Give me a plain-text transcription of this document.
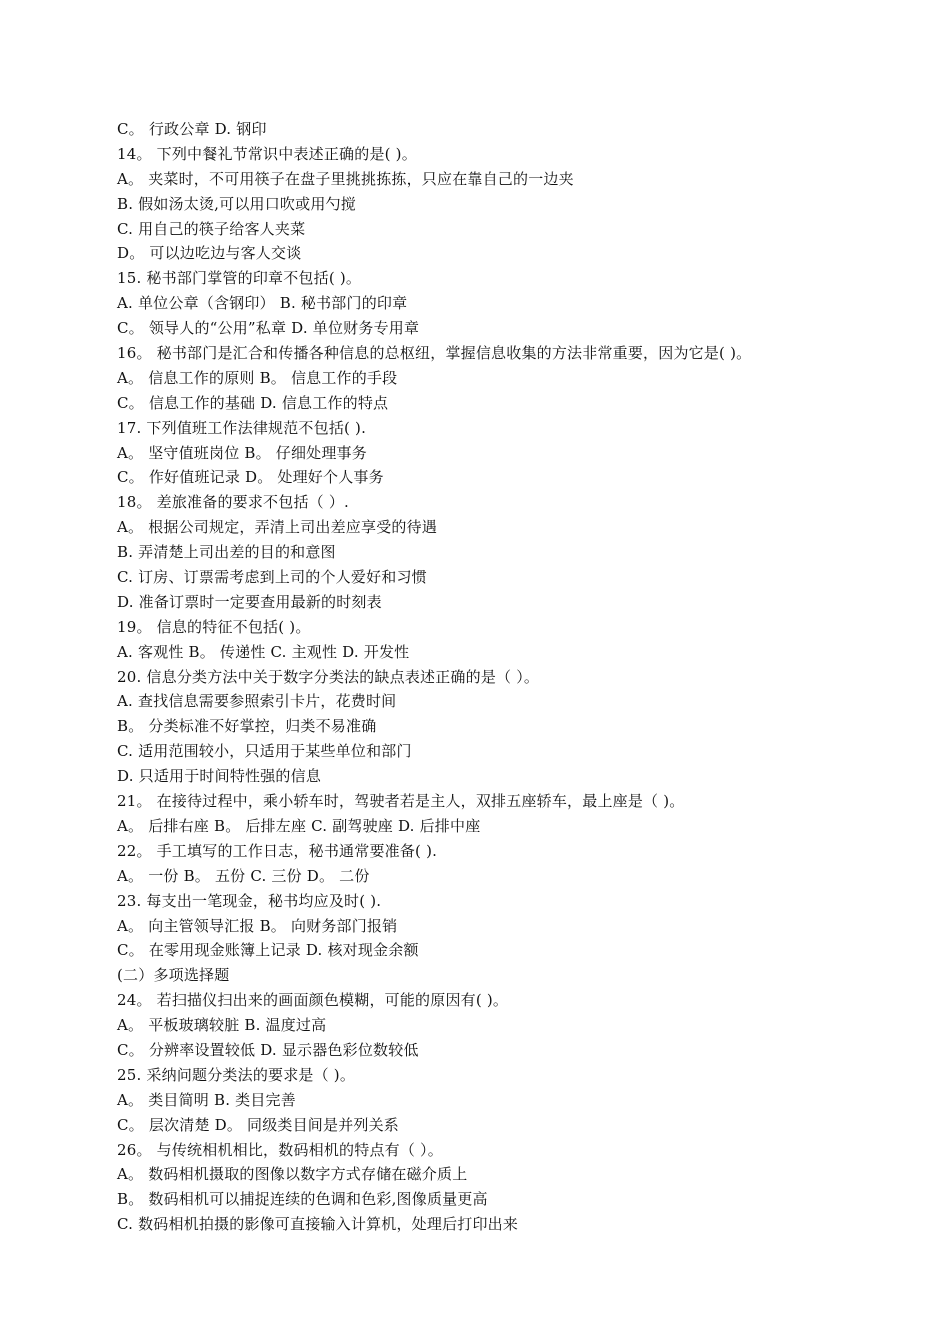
C。 行政公章 D. 钢印
14。 下列中餐礼节常识中表述正确的是( )。
A。 夹菜时，不可用筷子在盘子里挑挑拣拣，只应在靠自己的一边夹
B. 假如汤太烫,可以用口吹或用勺搅
C. 用自己的筷子给客人夹菜
D。 可以边吃边与客人交谈
15. 秘书部门掌管的印章不包括( )。
A. 单位公章（含钢印） B. 秘书部门的印章
C。 领导人的“公用”私章 D. 单位财务专用章
16。 秘书部门是汇合和传播各种信息的总枢纽，掌握信息收集的方法非常重要，因为它是( )。
A。 信息工作的原则 B。 信息工作的手段
C。 信息工作的基础 D. 信息工作的特点
17. 下列值班工作法律规范不包括( ).
A。 坚守值班岗位 B。 仔细处理事务
C。 作好值班记录 D。 处理好个人事务
18。 差旅准备的要求不包括（ ）.
A。 根据公司规定，弄清上司出差应享受的待遇
B. 弄清楚上司出差的目的和意图
C. 订房、订票需考虑到上司的个人爱好和习惯
D. 准备订票时一定要查用最新的时刻表
19。 信息的特征不包括( )。
A. 客观性 B。 传递性 C. 主观性 D. 开发性
20. 信息分类方法中关于数字分类法的缺点表述正确的是（ ）。
A. 查找信息需要参照索引卡片，花费时间
B。 分类标准不好掌控，归类不易准确
C. 适用范围较小，只适用于某些单位和部门
D. 只适用于时间特性强的信息
21。 在接待过程中，乘小轿车时，驾驶者若是主人，双排五座轿车，最上座是（ )。
A。 后排右座 B。 后排左座 C. 副驾驶座 D. 后排中座
22。 手工填写的工作日志，秘书通常要准备( ).
A。 一份 B。 五份 C. 三份 D。 二份
23. 每支出一笔现金，秘书均应及时( ).
A。 向主管领导汇报 B。 向财务部门报销
C。 在零用现金账簿上记录 D. 核对现金余额
(二）多项选择题
24。 若扫描仪扫出来的画面颜色模糊，可能的原因有( )。
A。 平板玻璃较脏 B. 温度过高
C。 分辨率设置较低 D. 显示器色彩位数较低
25. 采纳问题分类法的要求是（ )。
A。 类目简明 B. 类目完善
C。 层次清楚 D。 同级类目间是并列关系
26。 与传统相机相比，数码相机的特点有（ ）。
A。 数码相机摄取的图像以数字方式存储在磁介质上
B。 数码相机可以捕捉连续的色调和色彩,图像质量更高
C. 数码相机拍摄的影像可直接输入计算机，处理后打印出来
